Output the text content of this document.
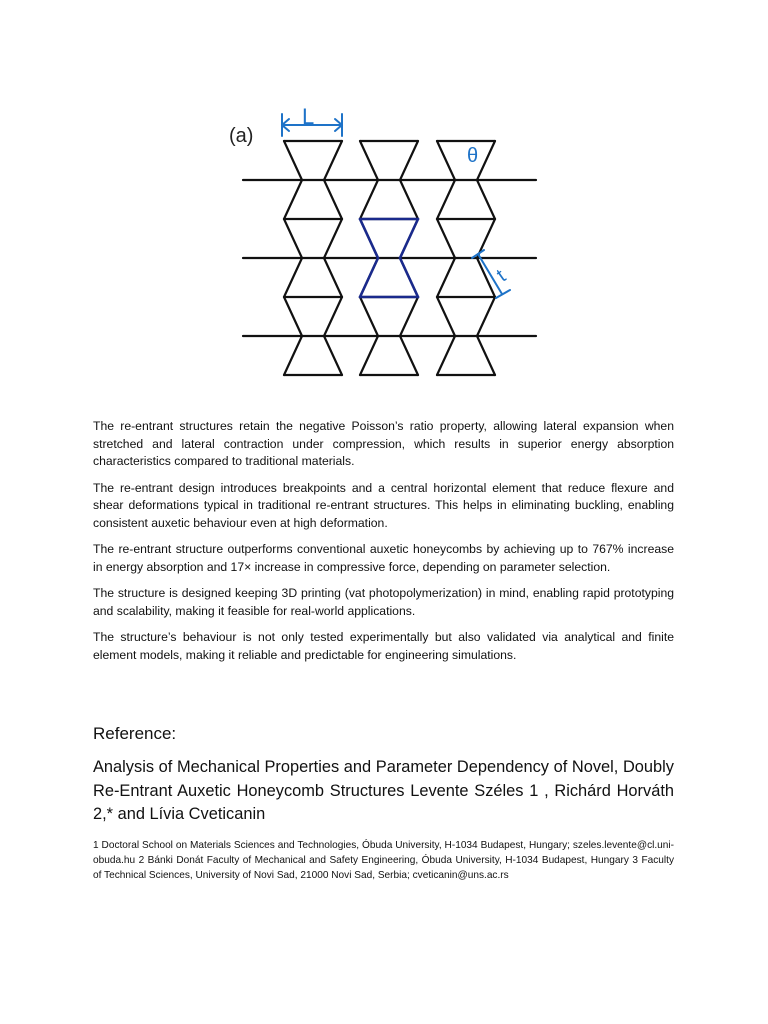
(a)
L
θ
t

The re-entrant structures retain the negative Poisson’s ratio property, allowing lateral expansion when stretched and lateral contraction under compression, which results in superior energy absorption characteristics compared to traditional materials.

The re-entrant design introduces breakpoints and a central horizontal element that reduce flexure and shear deformations typical in traditional re-entrant structures. This helps in eliminating buckling, enabling consistent auxetic behaviour even at high deformation.

The re-entrant structure outperforms conventional auxetic honeycombs by achieving up to 767% increase in energy absorption and 17× increase in compressive force, depending on parameter selection.

The structure is designed keeping 3D printing (vat photopolymerization) in mind, enabling rapid prototyping and scalability, making it feasible for real-world applications.

The structure’s behaviour is not only tested experimentally but also validated via analytical and finite element models, making it reliable and predictable for engineering simulations.

Reference:

Analysis of Mechanical Properties and Parameter Dependency of Novel, Doubly Re-Entrant Auxetic Honeycomb Structures Levente Széles 1 , Richárd Horváth 2,* and Lívia Cveticanin

1 Doctoral School on Materials Sciences and Technologies, Óbuda University, H-1034 Budapest, Hungary; szeles.levente@cl.uni-obuda.hu 2 Bánki Donát Faculty of Mechanical and Safety Engineering, Óbuda University, H-1034 Budapest, Hungary 3 Faculty of Technical Sciences, University of Novi Sad, 21000 Novi Sad, Serbia; cveticanin@uns.ac.rs
